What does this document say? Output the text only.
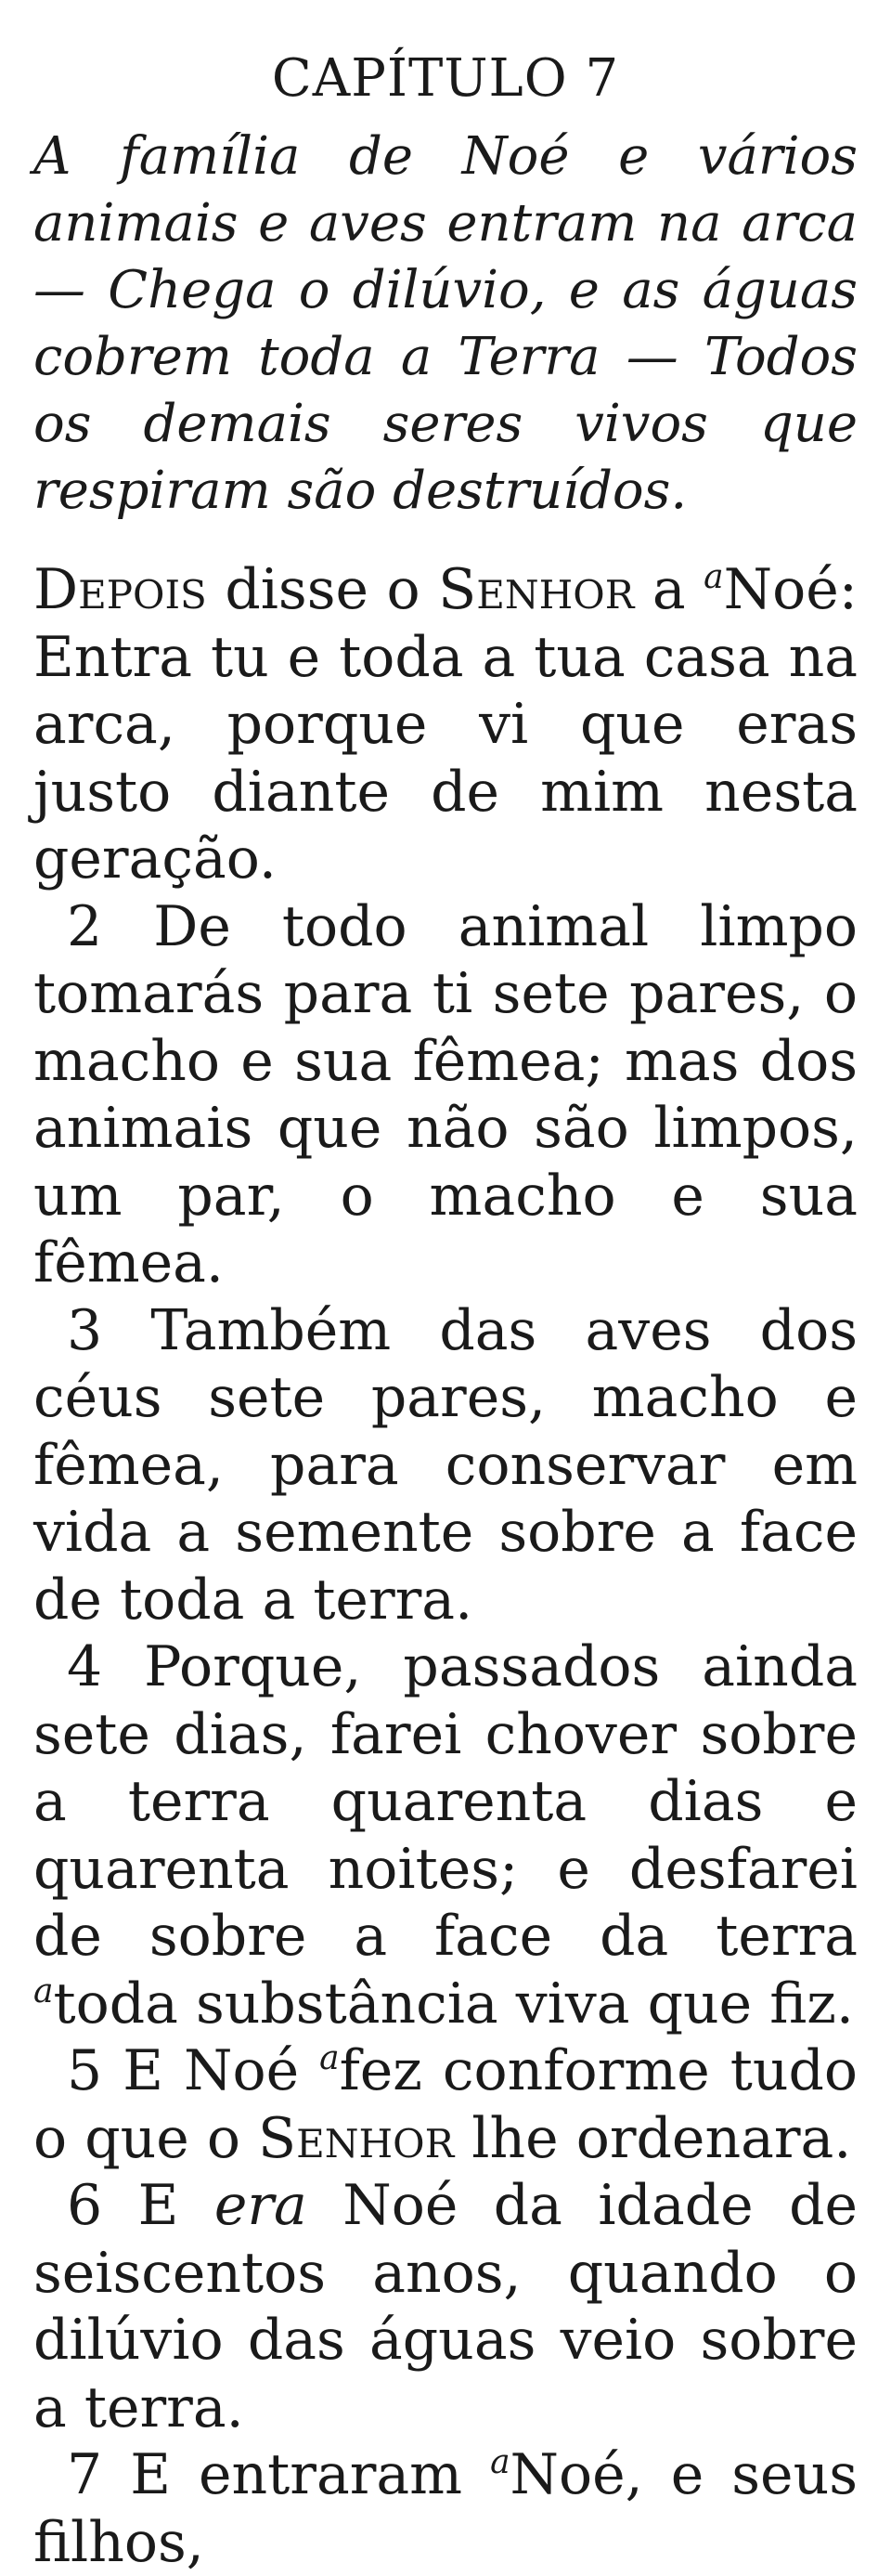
CAPÍTULO 7

A família de Noé e vários animais e aves entram na arca — Chega o dilúvio, e as águas cobrem toda a Terra — Todos os demais seres vivos que respiram são destruídos.

Depois disse o Senhor a $^a$Noé: Entra tu e toda a tua casa na arca, porque vi que eras justo diante de mim nesta geração.

2 De todo animal limpo tomarás para ti sete pares, o macho e sua fêmea; mas dos animais que não são limpos, um par, o macho e sua fêmea.

3 Também das aves dos céus sete pares, macho e fêmea, para conservar em vida a semente sobre a face de toda a terra.

4 Porque, passados ainda sete dias, farei chover sobre a terra quarenta dias e quarenta noites; e desfarei de sobre a face da terra $^a$toda substância viva que fiz.

5 E Noé $^a$fez conforme tudo o que o Senhor lhe ordenara.

6 E era Noé da idade de seiscentos anos, quando o dilúvio das águas veio sobre a terra.

7 E entraram $^a$Noé, e seus filhos,
